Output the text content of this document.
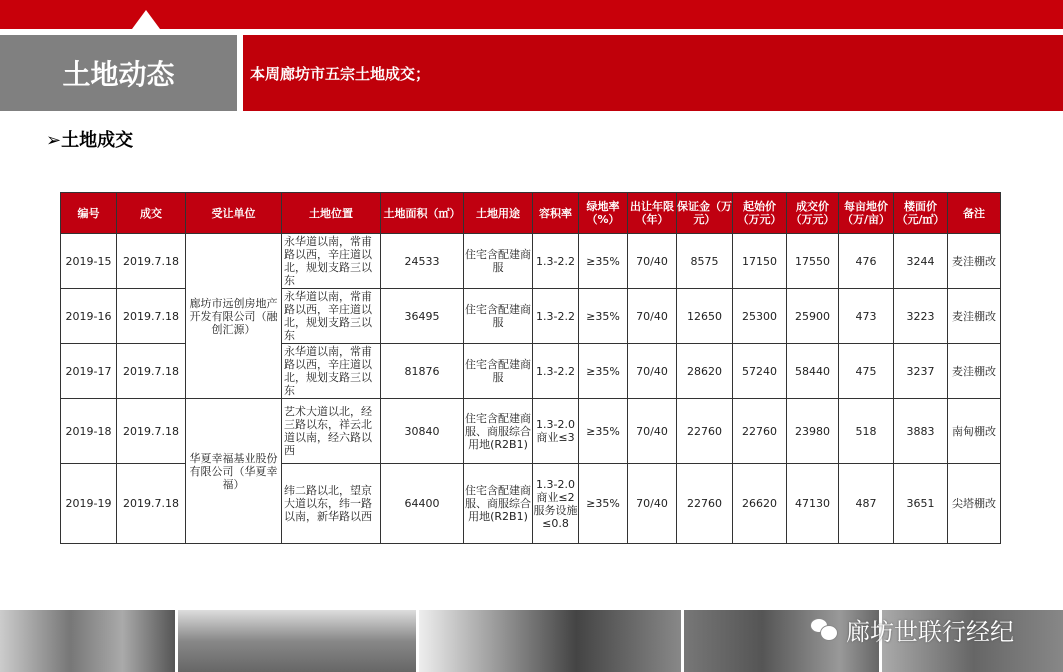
土地动态	本周廊坊市五宗土地成交；
➢土地成交
编号	成交	受让单位	土地位置	土地面积（㎡）	土地用途	容积率	绿地率（%）	出让年限（年）	保证金（万元）	起始价（万元）	成交价（万元）	每亩地价（万/亩）	楼面价（元/㎡）	备注
2019-15	2019.7.18	廊坊市远创房地产开发有限公司（融创汇源）	永华道以南，常甫路以西，辛庄道以北，规划支路三以东	24533	住宅含配建商服	1.3-2.2	≥35%	70/40	8575	17150	17550	476	3244	麦洼棚改
2019-16	2019.7.18		永华道以南，常甫路以西，辛庄道以北，规划支路三以东	36495	住宅含配建商服	1.3-2.2	≥35%	70/40	12650	25300	25900	473	3223	麦洼棚改
2019-17	2019.7.18		永华道以南，常甫路以西，辛庄道以北，规划支路三以东	81876	住宅含配建商服	1.3-2.2	≥35%	70/40	28620	57240	58440	475	3237	麦洼棚改
2019-18	2019.7.18	华夏幸福基业股份有限公司（华夏幸福）	艺术大道以北，经三路以东，祥云北道以南，经六路以西	30840	住宅含配建商服、商服综合用地(R2B1)	1.3-2.0商业≤3	≥35%	70/40	22760	22760	23980	518	3883	南甸棚改
2019-19	2019.7.18		纬二路以北，望京大道以东，纬一路以南，新华路以西	64400	住宅含配建商服、商服综合用地(R2B1)	1.3-2.0商业≤2服务设施≤0.8	≥35%	70/40	22760	26620	47130	487	3651	尖塔棚改
廊坊世联行经纪
